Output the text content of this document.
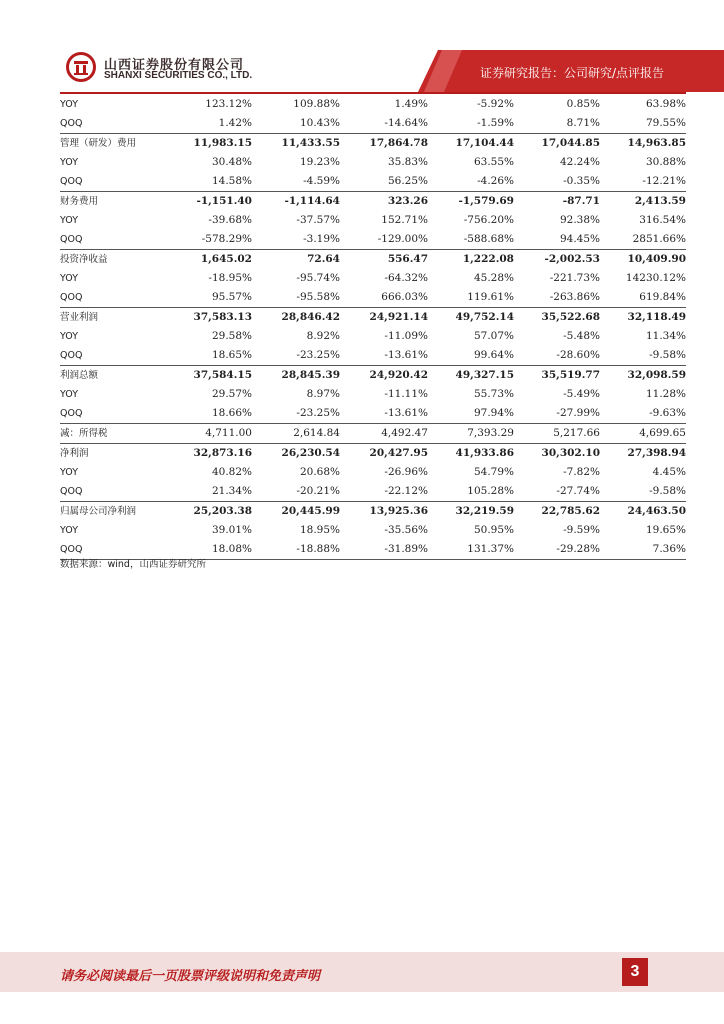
山西证券股份有限公司
SHANXI SECURITIES CO., LTD.	证券研究报告：公司研究/点评报告
YOY	123.12%	109.88%	1.49%	-5.92%	0.85%	63.98%
QOQ	1.42%	10.43%	-14.64%	-1.59%	8.71%	79.55%
管理（研发）费用	11,983.15	11,433.55	17,864.78	17,104.44	17,044.85	14,963.85
YOY	30.48%	19.23%	35.83%	63.55%	42.24%	30.88%
QOQ	14.58%	-4.59%	56.25%	-4.26%	-0.35%	-12.21%
财务费用	-1,151.40	-1,114.64	323.26	-1,579.69	-87.71	2,413.59
YOY	-39.68%	-37.57%	152.71%	-756.20%	92.38%	316.54%
QOQ	-578.29%	-3.19%	-129.00%	-588.68%	94.45%	2851.66%
投资净收益	1,645.02	72.64	556.47	1,222.08	-2,002.53	10,409.90
YOY	-18.95%	-95.74%	-64.32%	45.28%	-221.73%	14230.12%
QOQ	95.57%	-95.58%	666.03%	119.61%	-263.86%	619.84%
营业利润	37,583.13	28,846.42	24,921.14	49,752.14	35,522.68	32,118.49
YOY	29.58%	8.92%	-11.09%	57.07%	-5.48%	11.34%
QOQ	18.65%	-23.25%	-13.61%	99.64%	-28.60%	-9.58%
利润总额	37,584.15	28,845.39	24,920.42	49,327.15	35,519.77	32,098.59
YOY	29.57%	8.97%	-11.11%	55.73%	-5.49%	11.28%
QOQ	18.66%	-23.25%	-13.61%	97.94%	-27.99%	-9.63%
减：所得税	4,711.00	2,614.84	4,492.47	7,393.29	5,217.66	4,699.65
净利润	32,873.16	26,230.54	20,427.95	41,933.86	30,302.10	27,398.94
YOY	40.82%	20.68%	-26.96%	54.79%	-7.82%	4.45%
QOQ	21.34%	-20.21%	-22.12%	105.28%	-27.74%	-9.58%
归属母公司净利润	25,203.38	20,445.99	13,925.36	32,219.59	22,785.62	24,463.50
YOY	39.01%	18.95%	-35.56%	50.95%	-9.59%	19.65%
QOQ	18.08%	-18.88%	-31.89%	131.37%	-29.28%	7.36%
数据来源：wind，山西证券研究所
请务必阅读最后一页股票评级说明和免责声明	3
